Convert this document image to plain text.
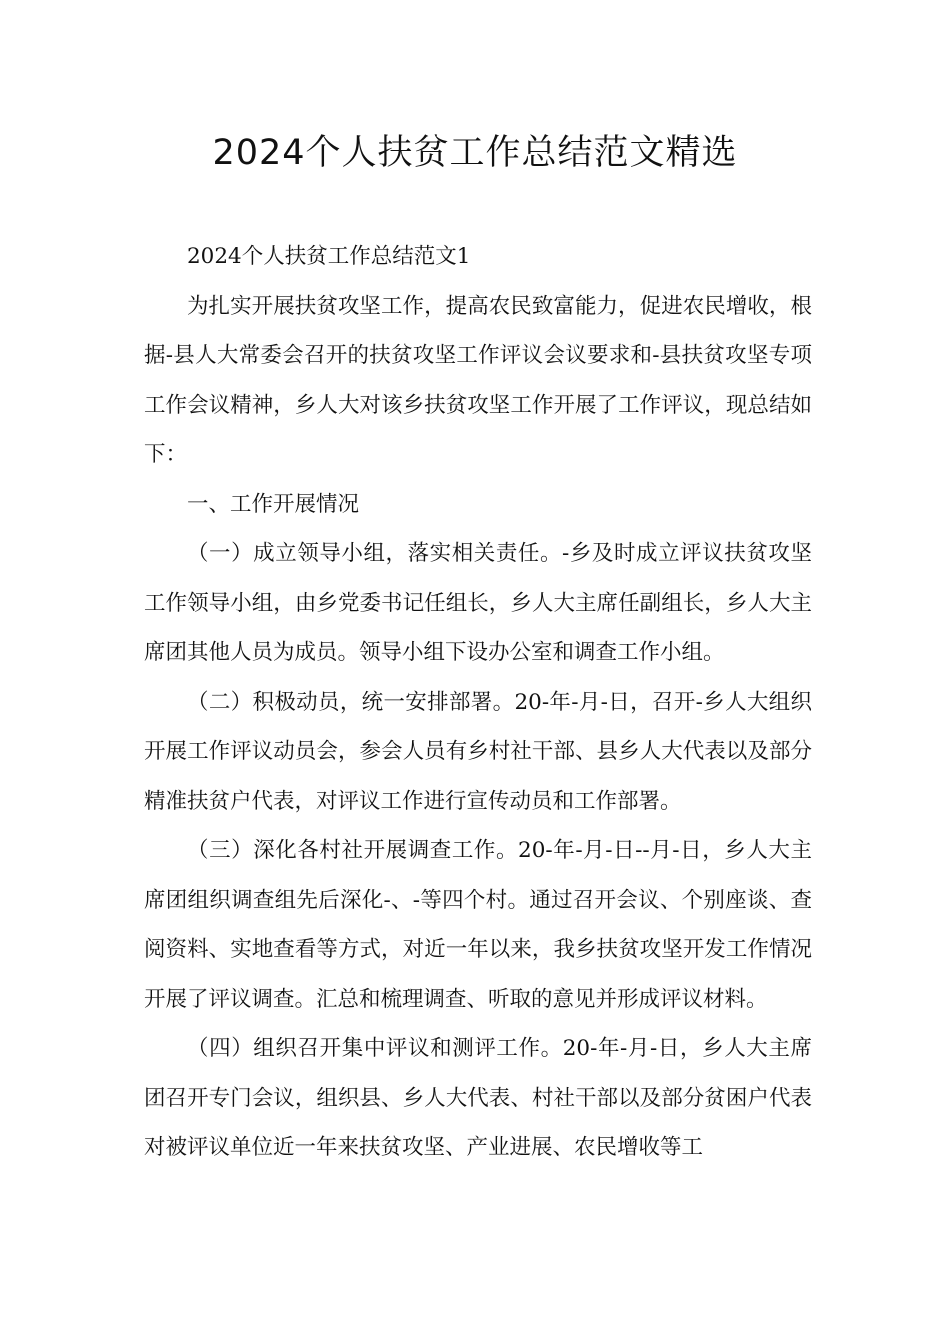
2024个人扶贫工作总结范文精选

2024个人扶贫工作总结范文1

为扎实开展扶贫攻坚工作，提高农民致富能力，促进农民增收，根据-县人大常委会召开的扶贫攻坚工作评议会议要求和-县扶贫攻坚专项工作会议精神，乡人大对该乡扶贫攻坚工作开展了工作评议，现总结如下：

一、工作开展情况

（一）成立领导小组，落实相关责任。-乡及时成立评议扶贫攻坚工作领导小组，由乡党委书记任组长，乡人大主席任副组长，乡人大主席团其他人员为成员。领导小组下设办公室和调查工作小组。

（二）积极动员，统一安排部署。20-年-月-日，召开-乡人大组织开展工作评议动员会，参会人员有乡村社干部、县乡人大代表以及部分精准扶贫户代表，对评议工作进行宣传动员和工作部署。

（三）深化各村社开展调查工作。20-年-月-日--月-日，乡人大主席团组织调查组先后深化-、-等四个村。通过召开会议、个别座谈、查阅资料、实地查看等方式，对近一年以来，我乡扶贫攻坚开发工作情况开展了评议调查。汇总和梳理调查、听取的意见并形成评议材料。

（四）组织召开集中评议和测评工作。20-年-月-日，乡人大主席团召开专门会议，组织县、乡人大代表、村社干部以及部分贫困户代表对被评议单位近一年来扶贫攻坚、产业进展、农民增收等工
